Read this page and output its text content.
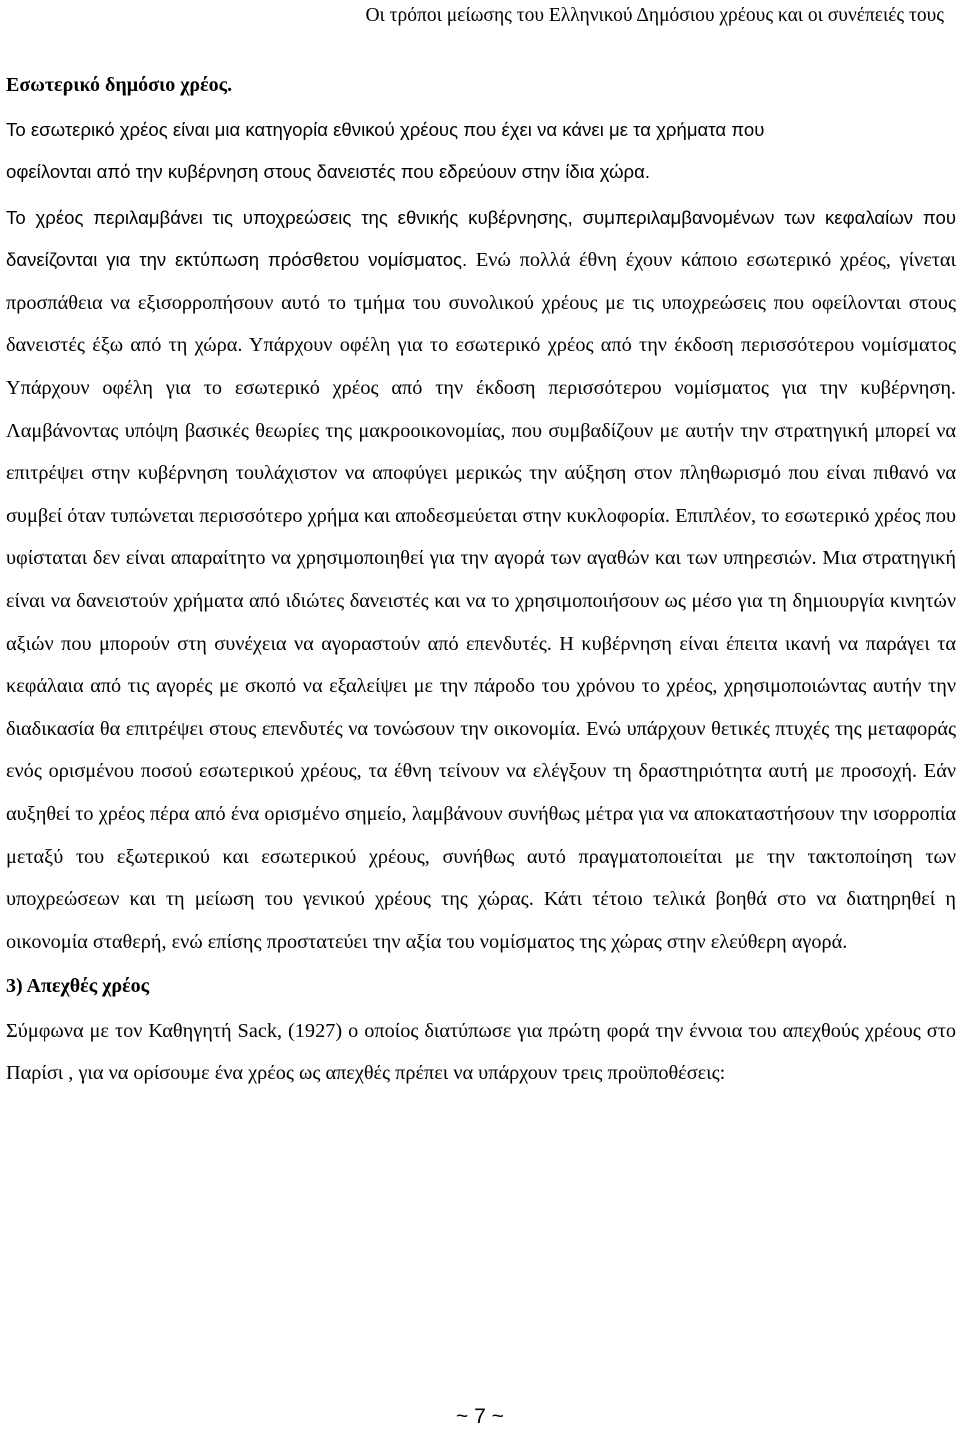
Οι τρόποι μείωσης του Ελληνικού Δημόσιου χρέους και οι συνέπειές τους

Εσωτερικό δημόσιο χρέος.

Το εσωτερικό χρέος είναι μια κατηγορία εθνικού χρέους που έχει να κάνει με τα χρήματα που
οφείλονται από την κυβέρνηση στους δανειστές που εδρεύουν στην ίδια χώρα.

Το χρέος περιλαμβάνει τις υποχρεώσεις της εθνικής κυβέρνησης, συμπεριλαμβανομένων των κεφαλαίων που δανείζονται για την εκτύπωση πρόσθετου νομίσματος. Ενώ πολλά έθνη έχουν κάποιο εσωτερικό χρέος, γίνεται προσπάθεια να εξισορροπήσουν αυτό το τμήμα του συνολικού χρέους με τις υποχρεώσεις που οφείλονται στους δανειστές έξω από τη χώρα. Υπάρχουν οφέλη για το εσωτερικό χρέος από την έκδοση περισσότερου νομίσματος Υπάρχουν οφέλη για το εσωτερικό χρέος από την έκδοση περισσότερου νομίσματος για την κυβέρνηση. Λαμβάνοντας υπόψη βασικές θεωρίες της μακροοικονομίας, που συμβαδίζουν με αυτήν την στρατηγική μπορεί να επιτρέψει στην κυβέρνηση τουλάχιστον να αποφύγει μερικώς την αύξηση στον πληθωρισμό που είναι πιθανό να συμβεί όταν τυπώνεται περισσότερο χρήμα και αποδεσμεύεται στην κυκλοφορία. Επιπλέον, το εσωτερικό χρέος που υφίσταται δεν είναι απαραίτητο να χρησιμοποιηθεί για την αγορά των αγαθών και των υπηρεσιών. Μια στρατηγική είναι να δανειστούν χρήματα από ιδιώτες δανειστές και να το χρησιμοποιήσουν ως μέσο για τη δημιουργία κινητών αξιών που μπορούν στη συνέχεια να αγοραστούν από επενδυτές. Η κυβέρνηση είναι έπειτα ικανή να παράγει τα κεφάλαια από τις αγορές με σκοπό να εξαλείψει με την πάροδο του χρόνου το χρέος, χρησιμοποιώντας αυτήν την διαδικασία θα επιτρέψει στους επενδυτές να τονώσουν την οικονομία. Ενώ υπάρχουν θετικές πτυχές της μεταφοράς ενός ορισμένου ποσού εσωτερικού χρέους, τα έθνη τείνουν να ελέγξουν τη δραστηριότητα αυτή με προσοχή. Εάν αυξηθεί το χρέος πέρα από ένα ορισμένο σημείο, λαμβάνουν συνήθως μέτρα για να αποκαταστήσουν την ισορροπία μεταξύ του εξωτερικού και εσωτερικού χρέους, συνήθως αυτό πραγματοποιείται με την τακτοποίηση των υποχρεώσεων και τη μείωση του γενικού χρέους της χώρας. Κάτι τέτοιο τελικά βοηθά στο να διατηρηθεί η οικονομία σταθερή, ενώ επίσης προστατεύει την αξία του νομίσματος της χώρας στην ελεύθερη αγορά.

3) Απεχθές χρέος

Σύμφωνα με τον Καθηγητή Sack, (1927) ο οποίος διατύπωσε για πρώτη φορά την έννοια του απεχθούς χρέους στο Παρίσι , για να ορίσουμε ένα χρέος ως απεχθές πρέπει να υπάρχουν τρεις προϋποθέσεις:

~ 7 ~
